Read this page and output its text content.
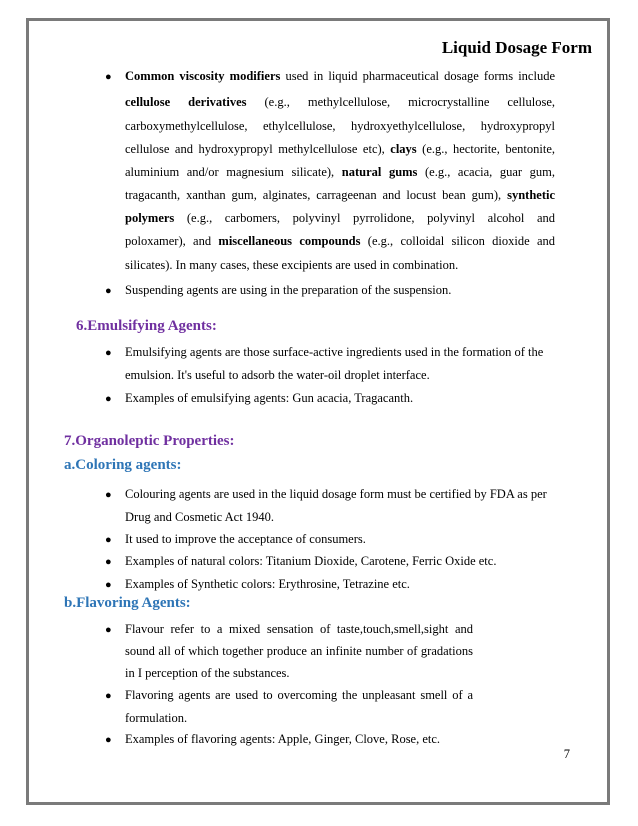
Liquid Dosage Form
●	Common viscosity modifiers used in liquid pharmaceutical dosage forms include
cellulose derivatives (e.g., methylcellulose, microcrystalline cellulose,
carboxymethylcellulose, ethylcellulose, hydroxyethylcellulose, hydroxypropyl
cellulose and hydroxypropyl methylcellulose etc), clays (e.g., hectorite, bentonite,
aluminium and/or magnesium silicate), natural gums (e.g., acacia, guar gum,
tragacanth, xanthan gum, alginates, carrageenan and locust bean gum), synthetic
polymers (e.g., carbomers, polyvinyl pyrrolidone, polyvinyl alcohol and
poloxamer), and miscellaneous compounds (e.g., colloidal silicon dioxide and
silicates). In many cases, these excipients are used in combination.
●	Suspending agents are using in the preparation of the suspension.
6.Emulsifying Agents:
●	Emulsifying agents are those surface-active ingredients used in the formation of the
emulsion. It's useful to adsorb the water-oil droplet interface.
●	Examples of emulsifying agents: Gun acacia, Tragacanth.
7.Organoleptic Properties:
a.Coloring agents:
●	Colouring agents are used in the liquid dosage form must be certified by FDA as per
Drug and Cosmetic Act 1940.
●	It used to improve the acceptance of consumers.
●	Examples of natural colors: Titanium Dioxide, Carotene, Ferric Oxide etc.
●	Examples of Synthetic colors: Erythrosine, Tetrazine etc.
b.Flavoring Agents:
●	Flavour refer to a mixed sensation of taste,touch,smell,sight and
sound all of which together produce an infinite number of gradations
in I perception of the substances.
●	Flavoring agents are used to overcoming the unpleasant smell of a
formulation.
●	Examples of flavoring agents: Apple, Ginger, Clove, Rose, etc.
7
